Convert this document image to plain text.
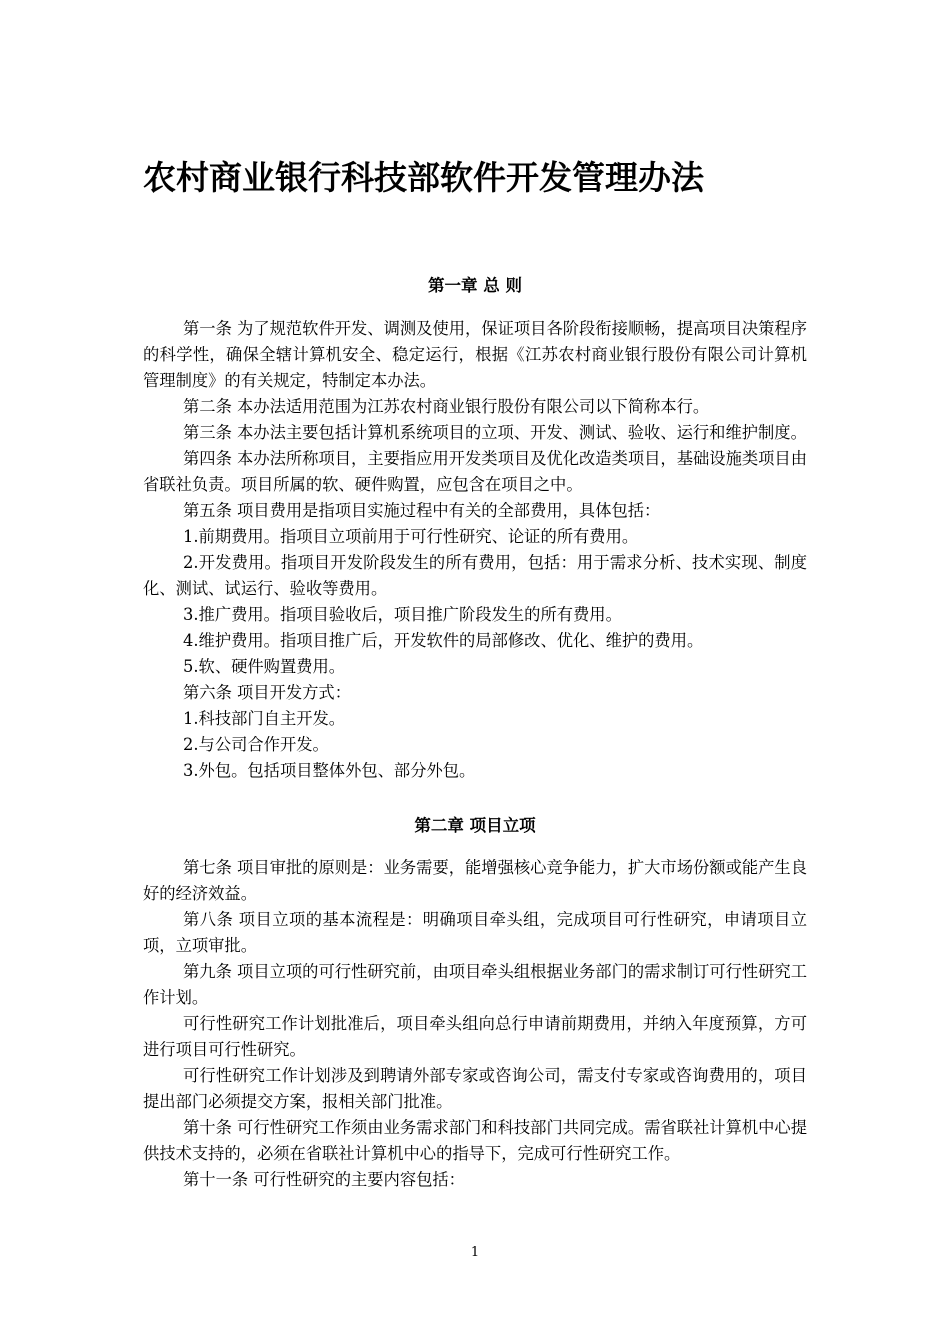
农村商业银行科技部软件开发管理办法
第一章 总 则

第一条 为了规范软件开发、调测及使用，保证项目各阶段衔接顺畅，提高项目决策程序的科学性，确保全辖计算机安全、稳定运行，根据《江苏农村商业银行股份有限公司计算机管理制度》的有关规定，特制定本办法。

第二条 本办法适用范围为江苏农村商业银行股份有限公司以下简称本行。

第三条 本办法主要包括计算机系统项目的立项、开发、测试、验收、运行和维护制度。

第四条 本办法所称项目，主要指应用开发类项目及优化改造类项目，基础设施类项目由省联社负责。项目所属的软、硬件购置，应包含在项目之中。

第五条 项目费用是指项目实施过程中有关的全部费用，具体包括：

1.前期费用。指项目立项前用于可行性研究、论证的所有费用。

2.开发费用。指项目开发阶段发生的所有费用，包括：用于需求分析、技术实现、制度化、测试、试运行、验收等费用。

3.推广费用。指项目验收后，项目推广阶段发生的所有费用。

4.维护费用。指项目推广后，开发软件的局部修改、优化、维护的费用。

5.软、硬件购置费用。

第六条 项目开发方式：

1.科技部门自主开发。

2.与公司合作开发。

3.外包。包括项目整体外包、部分外包。

第二章 项目立项

第七条 项目审批的原则是：业务需要，能增强核心竞争能力，扩大市场份额或能产生良好的经济效益。

第八条 项目立项的基本流程是：明确项目牵头组，完成项目可行性研究，申请项目立项，立项审批。

第九条 项目立项的可行性研究前，由项目牵头组根据业务部门的需求制订可行性研究工作计划。

可行性研究工作计划批准后，项目牵头组向总行申请前期费用，并纳入年度预算，方可进行项目可行性研究。

可行性研究工作计划涉及到聘请外部专家或咨询公司，需支付专家或咨询费用的，项目提出部门必须提交方案，报相关部门批准。

第十条 可行性研究工作须由业务需求部门和科技部门共同完成。需省联社计算机中心提供技术支持的，必须在省联社计算机中心的指导下，完成可行性研究工作。

第十一条 可行性研究的主要内容包括：

1
